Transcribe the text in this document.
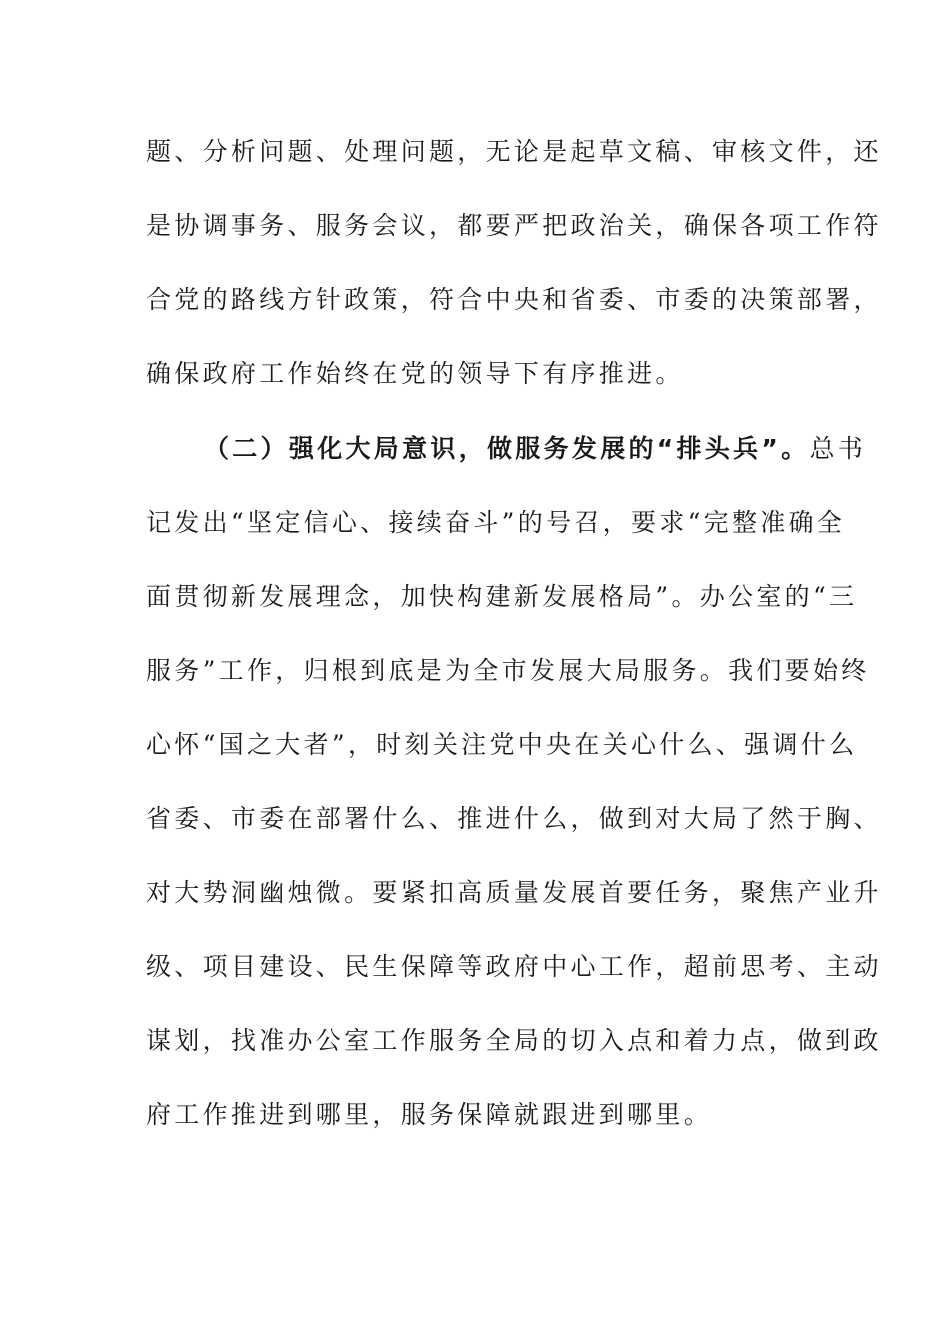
题、分析问题、处理问题，无论是起草文稿、审核文件，还
是协调事务、服务会议，都要严把政治关，确保各项工作符
合党的路线方针政策，符合中央和省委、市委的决策部署，
确保政府工作始终在党的领导下有序推进。
（二）强化大局意识，做服务发展的“排头兵”。总书
记发出“坚定信心、接续奋斗”的号召，要求“完整准确全
面贯彻新发展理念，加快构建新发展格局”。办公室的“三
服务”工作，归根到底是为全市发展大局服务。我们要始终
心怀“国之大者”，时刻关注党中央在关心什么、强调什么
省委、市委在部署什么、推进什么，做到对大局了然于胸、
对大势洞幽烛微。要紧扣高质量发展首要任务，聚焦产业升
级、项目建设、民生保障等政府中心工作，超前思考、主动
谋划，找准办公室工作服务全局的切入点和着力点，做到政
府工作推进到哪里，服务保障就跟进到哪里。
